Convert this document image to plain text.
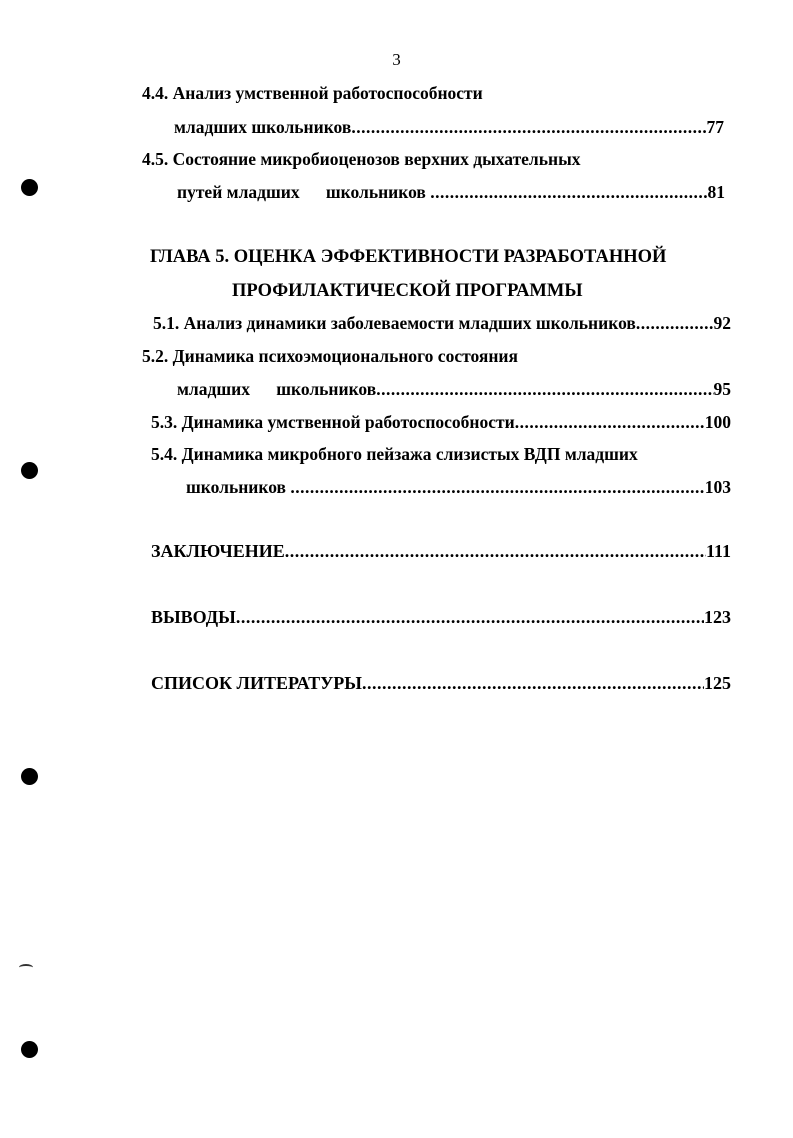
3
4.4. Анализ умственной работоспособности
младших школьников .....	77
4.5. Состояние микробиоценозов верхних дыхательных
путей младших      школьников .....	81
ГЛАВА 5. ОЦЕНКА ЭФФЕКТИВНОСТИ РАЗРАБОТАННОЙ
ПРОФИЛАКТИЧЕСКОЙ ПРОГРАММЫ
5.1. Анализ динамики заболеваемости младших школьников .....	92
5.2. Динамика психоэмоционального состояния
младших      школьников .....	95
5.3. Динамика умственной работоспособности .....	100
5.4. Динамика микробного пейзажа слизистых ВДП младших
школьников .....	103
ЗАКЛЮЧЕНИЕ .....	111
ВЫВОДЫ .....	123
СПИСОК ЛИТЕРАТУРЫ .....	125
